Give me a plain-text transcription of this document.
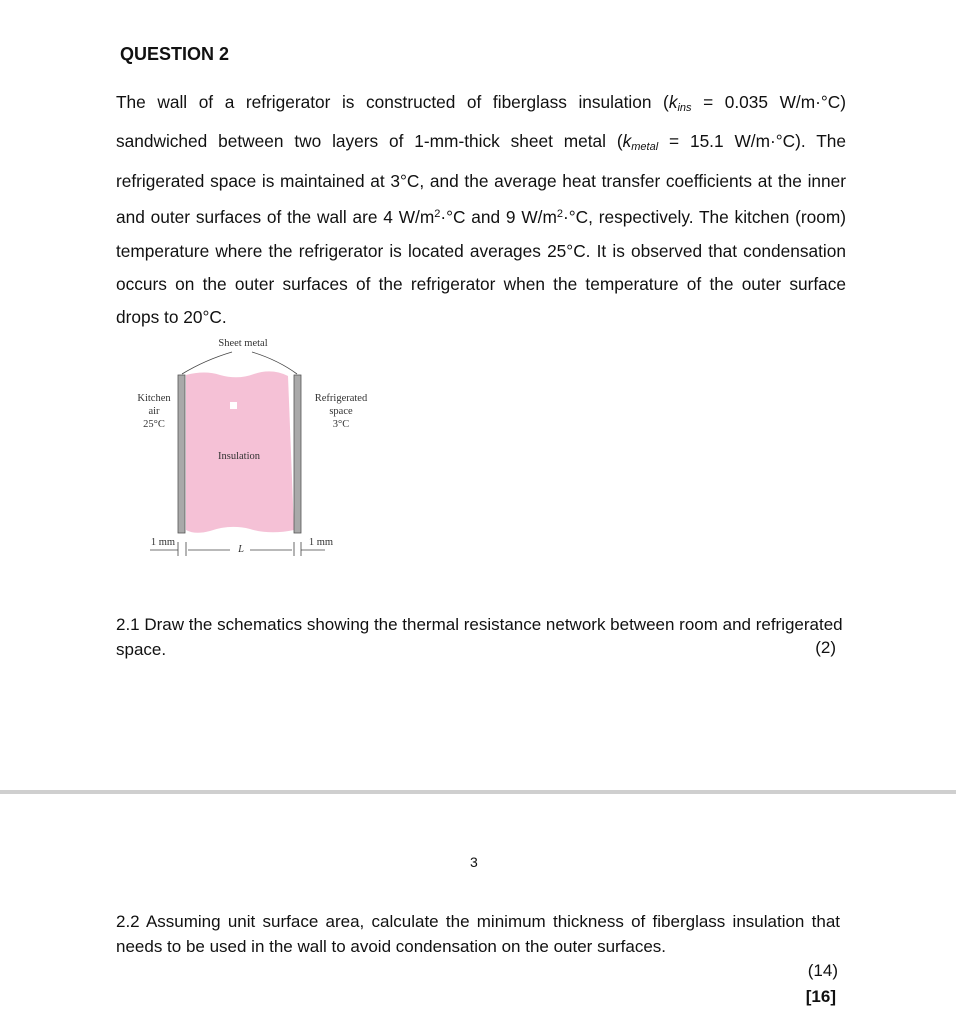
QUESTION 2
The wall of a refrigerator is constructed of fiberglass insulation ($k_{ins} = 0.035$ W/m·°C) sandwiched between two layers of 1-mm-thick sheet metal ($k_{metal} = 15.1$ W/m·°C). The refrigerated space is maintained at 3°C, and the average heat transfer coefficients at the inner and outer surfaces of the wall are 4 $W/m^2\cdot^\circ C$ and 9 $W/m^2\cdot^\circ C$, respectively. The kitchen (room) temperature where the refrigerator is located averages 25°C. It is observed that condensation occurs on the outer surfaces of the refrigerator when the temperature of the outer surface drops to 20°C.
Sheet metal
Kitchen
air
25°C
Refrigerated
space
3°C
Insulation
1 mm
L
1 mm
2.1 Draw the schematics showing the thermal resistance network between room and refrigerated space.	(2)
3
2.2 Assuming unit surface area, calculate the minimum thickness of fiberglass insulation that needs to be used in the wall to avoid condensation on the outer surfaces.
(14)
[16]
